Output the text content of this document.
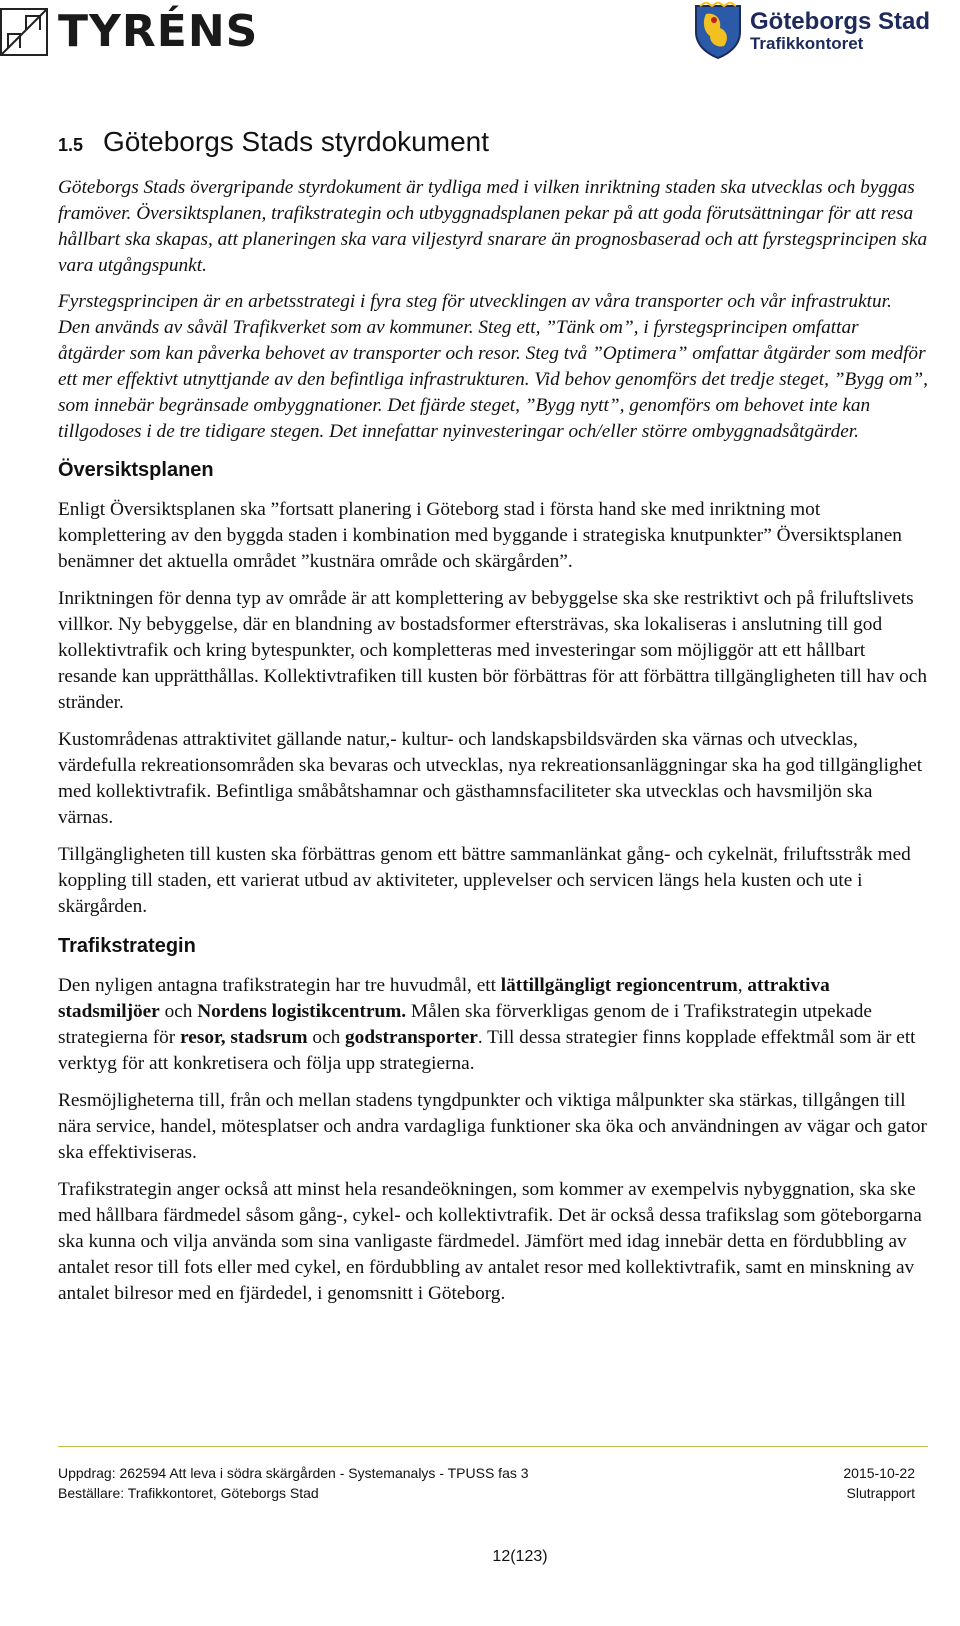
TYRÉNS	Göteborgs Stad
Trafikkontoret
1.5 Göteborgs Stads styrdokument

Göteborgs Stads övergripande styrdokument är tydliga med i vilken inriktning staden ska utvecklas och byggas framöver. Översiktsplanen, trafikstrategin och utbyggnadsplanen pekar på att goda förutsättningar för att resa hållbart ska skapas, att planeringen ska vara viljestyrd snarare än prognosbaserad och att fyrstegsprincipen ska vara utgångspunkt.

Fyrstegsprincipen är en arbetsstrategi i fyra steg för utvecklingen av våra transporter och vår infrastruktur. Den används av såväl Trafikverket som av kommuner. Steg ett, ”Tänk om”, i fyrstegsprincipen omfattar åtgärder som kan påverka behovet av transporter och resor. Steg två ”Optimera” omfattar åtgärder som medför ett mer effektivt utnyttjande av den befintliga infrastrukturen. Vid behov genomförs det tredje steget, ”Bygg om”, som innebär begränsade ombyggnationer. Det fjärde steget, ”Bygg nytt”, genomförs om behovet inte kan tillgodoses i de tre tidigare stegen. Det innefattar nyinvesteringar och/eller större ombyggnadsåtgärder.

Översiktsplanen

Enligt Översiktsplanen ska ”fortsatt planering i Göteborg stad i första hand ske med inriktning mot komplettering av den byggda staden i kombination med byggande i strategiska knutpunkter” Översiktsplanen benämner det aktuella området ”kustnära område och skärgården”.

Inriktningen för denna typ av område är att komplettering av bebyggelse ska ske restriktivt och på friluftslivets villkor. Ny bebyggelse, där en blandning av bostadsformer eftersträvas, ska lokaliseras i anslutning till god kollektivtrafik och kring bytespunkter, och kompletteras med investeringar som möjliggör att ett hållbart resande kan upprätthållas. Kollektivtrafiken till kusten bör förbättras för att förbättra tillgängligheten till hav och stränder.

Kustområdenas attraktivitet gällande natur,- kultur- och landskapsbildsvärden ska värnas och utvecklas, värdefulla rekreationsområden ska bevaras och utvecklas, nya rekreationsanläggningar ska ha god tillgänglighet med kollektivtrafik. Befintliga småbåtshamnar och gästhamnsfaciliteter ska utvecklas och havsmiljön ska värnas.

Tillgängligheten till kusten ska förbättras genom ett bättre sammanlänkat gång- och cykelnät, friluftsstråk med koppling till staden, ett varierat utbud av aktiviteter, upplevelser och servicen längs hela kusten och ute i skärgården.

Trafikstrategin

Den nyligen antagna trafikstrategin har tre huvudmål, ett lättillgängligt regioncentrum, attraktiva stadsmiljöer och Nordens logistikcentrum. Målen ska förverkligas genom de i Trafikstrategin utpekade strategierna för resor, stadsrum och godstransporter. Till dessa strategier finns kopplade effektmål som är ett verktyg för att konkretisera och följa upp strategierna.

Resmöjligheterna till, från och mellan stadens tyngdpunkter och viktiga målpunkter ska stärkas, tillgången till nära service, handel, mötesplatser och andra vardagliga funktioner ska öka och användningen av vägar och gator ska effektiviseras.

Trafikstrategin anger också att minst hela resandeökningen, som kommer av exempelvis nybyggnation, ska ske med hållbara färdmedel såsom gång-, cykel- och kollektivtrafik. Det är också dessa trafikslag som göteborgarna ska kunna och vilja använda som sina vanligaste färdmedel. Jämfört med idag innebär detta en fördubbling av antalet resor till fots eller med cykel, en fördubbling av antalet resor med kollektivtrafik, samt en minskning av antalet bilresor med en fjärdedel, i genomsnitt i Göteborg.

Uppdrag: 262594 Att leva i södra skärgården - Systemanalys - TPUSS fas 3	2015-10-22
Beställare: Trafikkontoret, Göteborgs Stad	Slutrapport
12(123)
